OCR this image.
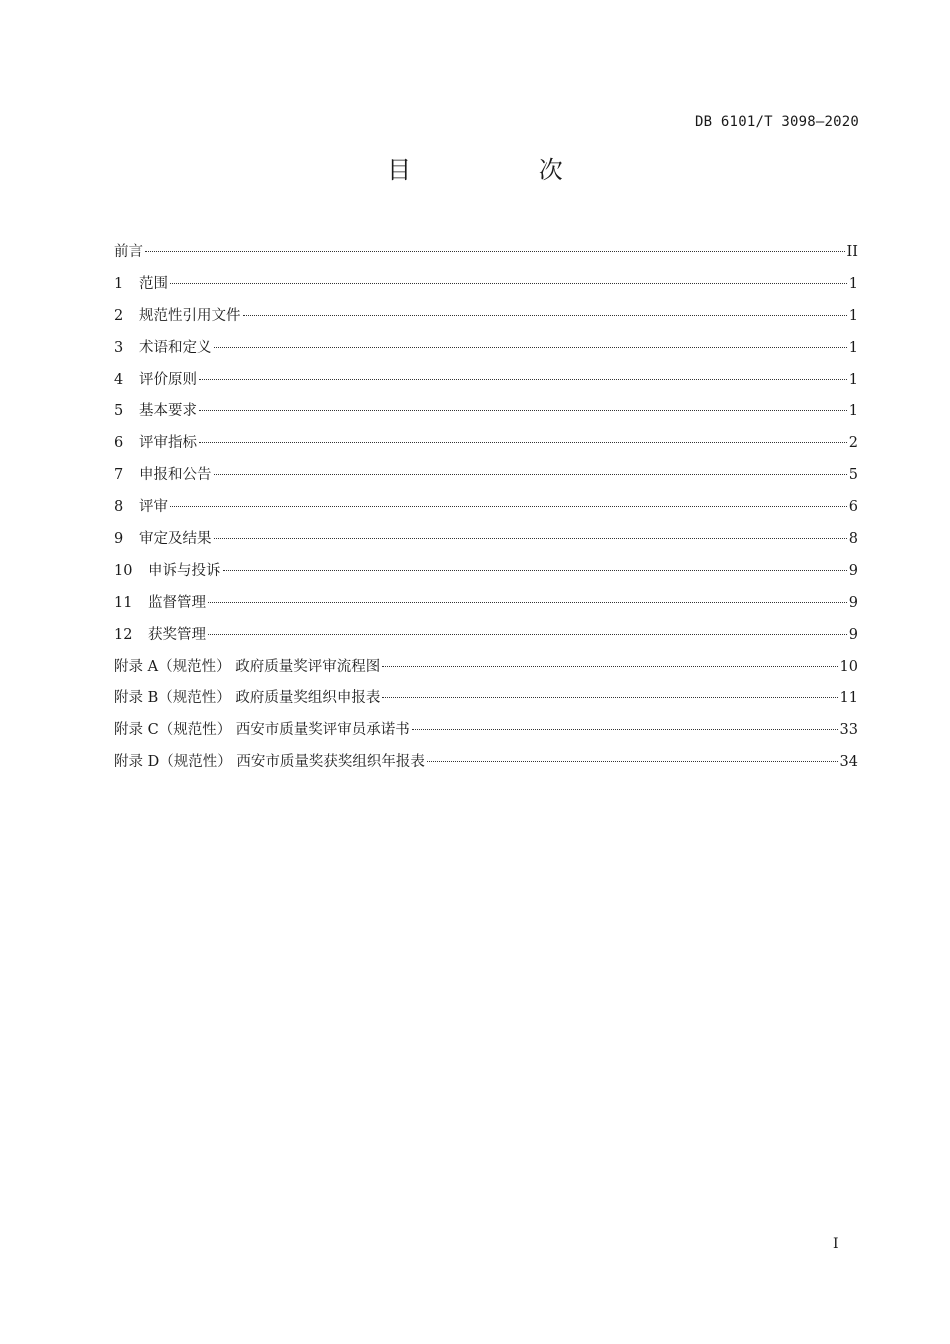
DB 6101/T 3098—2020
目 次
前言	II
1	范围	1
2	规范性引用文件	1
3	术语和定义	1
4	评价原则	1
5	基本要求	1
6	评审指标	2
7	申报和公告	5
8	评审	6
9	审定及结果	8
10	申诉与投诉	9
11	监督管理	9
12	获奖管理	9
附录 A（规范性） 政府质量奖评审流程图	10
附录 B（规范性） 政府质量奖组织申报表	11
附录 C（规范性） 西安市质量奖评审员承诺书	33
附录 D（规范性） 西安市质量奖获奖组织年报表	34
I
